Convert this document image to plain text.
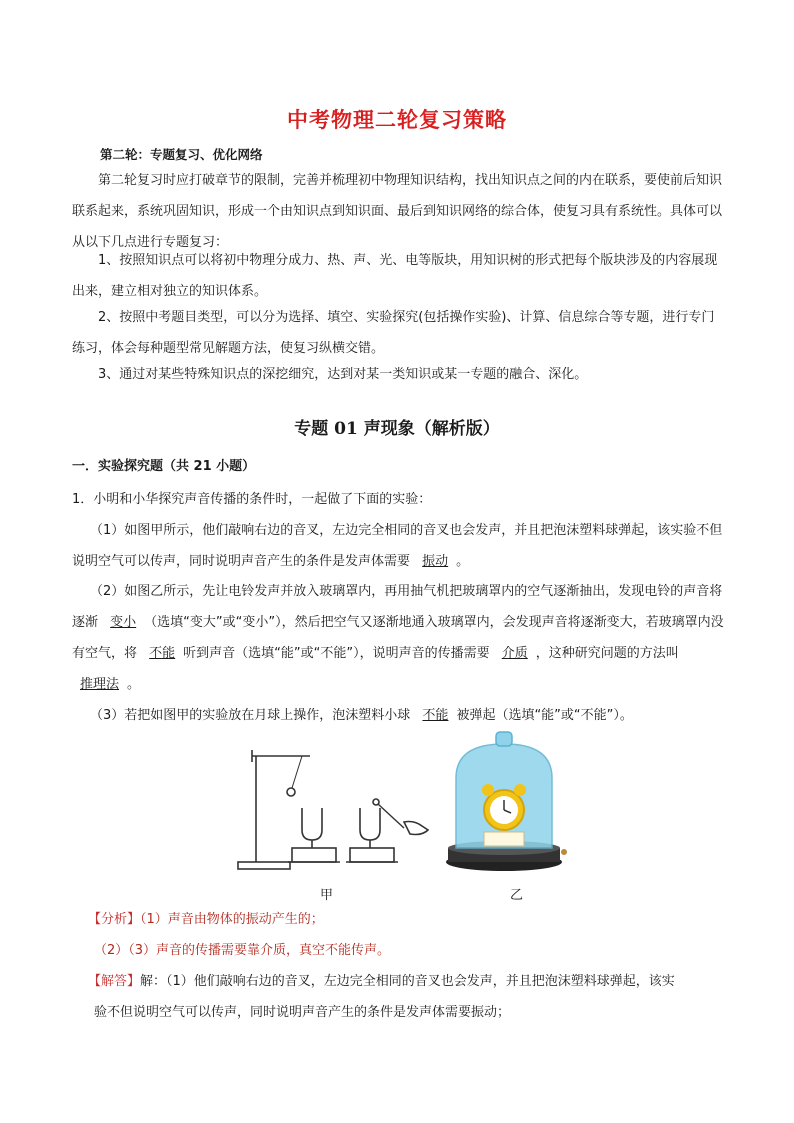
中考物理二轮复习策略
第二轮：专题复习、优化网络
第二轮复习时应打破章节的限制，完善并梳理初中物理知识结构，找出知识点之间的内在联系，要使前后知识联系起来，系统巩固知识，形成一个由知识点到知识面、最后到知识网络的综合体，使复习具有系统性。具体可以从以下几点进行专题复习：
1、按照知识点可以将初中物理分成力、热、声、光、电等版块，用知识树的形式把每个版块涉及的内容展现出来，建立相对独立的知识体系。
2、按照中考题目类型，可以分为选择、填空、实验探究(包括操作实验)、计算、信息综合等专题，进行专门练习，体会每种题型常见解题方法，使复习纵横交错。
3、通过对某些特殊知识点的深挖细究，达到对某一类知识或某一专题的融合、深化。
专题 01 声现象（解析版）
一．实验探究题（共 21 小题）
1．小明和小华探究声音传播的条件时，一起做了下面的实验：
（1）如图甲所示，他们敲响右边的音叉，左边完全相同的音叉也会发声，并且把泡沫塑料球弹起，该实验不但说明空气可以传声，同时说明声音产生的条件是发声体需要 振动 。
（2）如图乙所示，先让电铃发声并放入玻璃罩内，再用抽气机把玻璃罩内的空气逐渐抽出，发现电铃的声音将逐渐 变小 （选填“变大”或“变小”），然后把空气又逐渐地通入玻璃罩内，会发现声音将逐渐变大，若玻璃罩内没有空气，将 不能 听到声音（选填“能”或“不能”），说明声音的传播需要 介质 ，这种研究问题的方法叫 推理法 。
（3）若把如图甲的实验放在月球上操作，泡沫塑料小球 不能 被弹起（选填“能”或“不能”）。
甲	乙
【分析】（1）声音由物体的振动产生的；
（2）（3）声音的传播需要靠介质，真空不能传声。
【解答】解：（1）他们敲响右边的音叉，左边完全相同的音叉也会发声，并且把泡沫塑料球弹起，该实
验不但说明空气可以传声，同时说明声音产生的条件是发声体需要振动；
